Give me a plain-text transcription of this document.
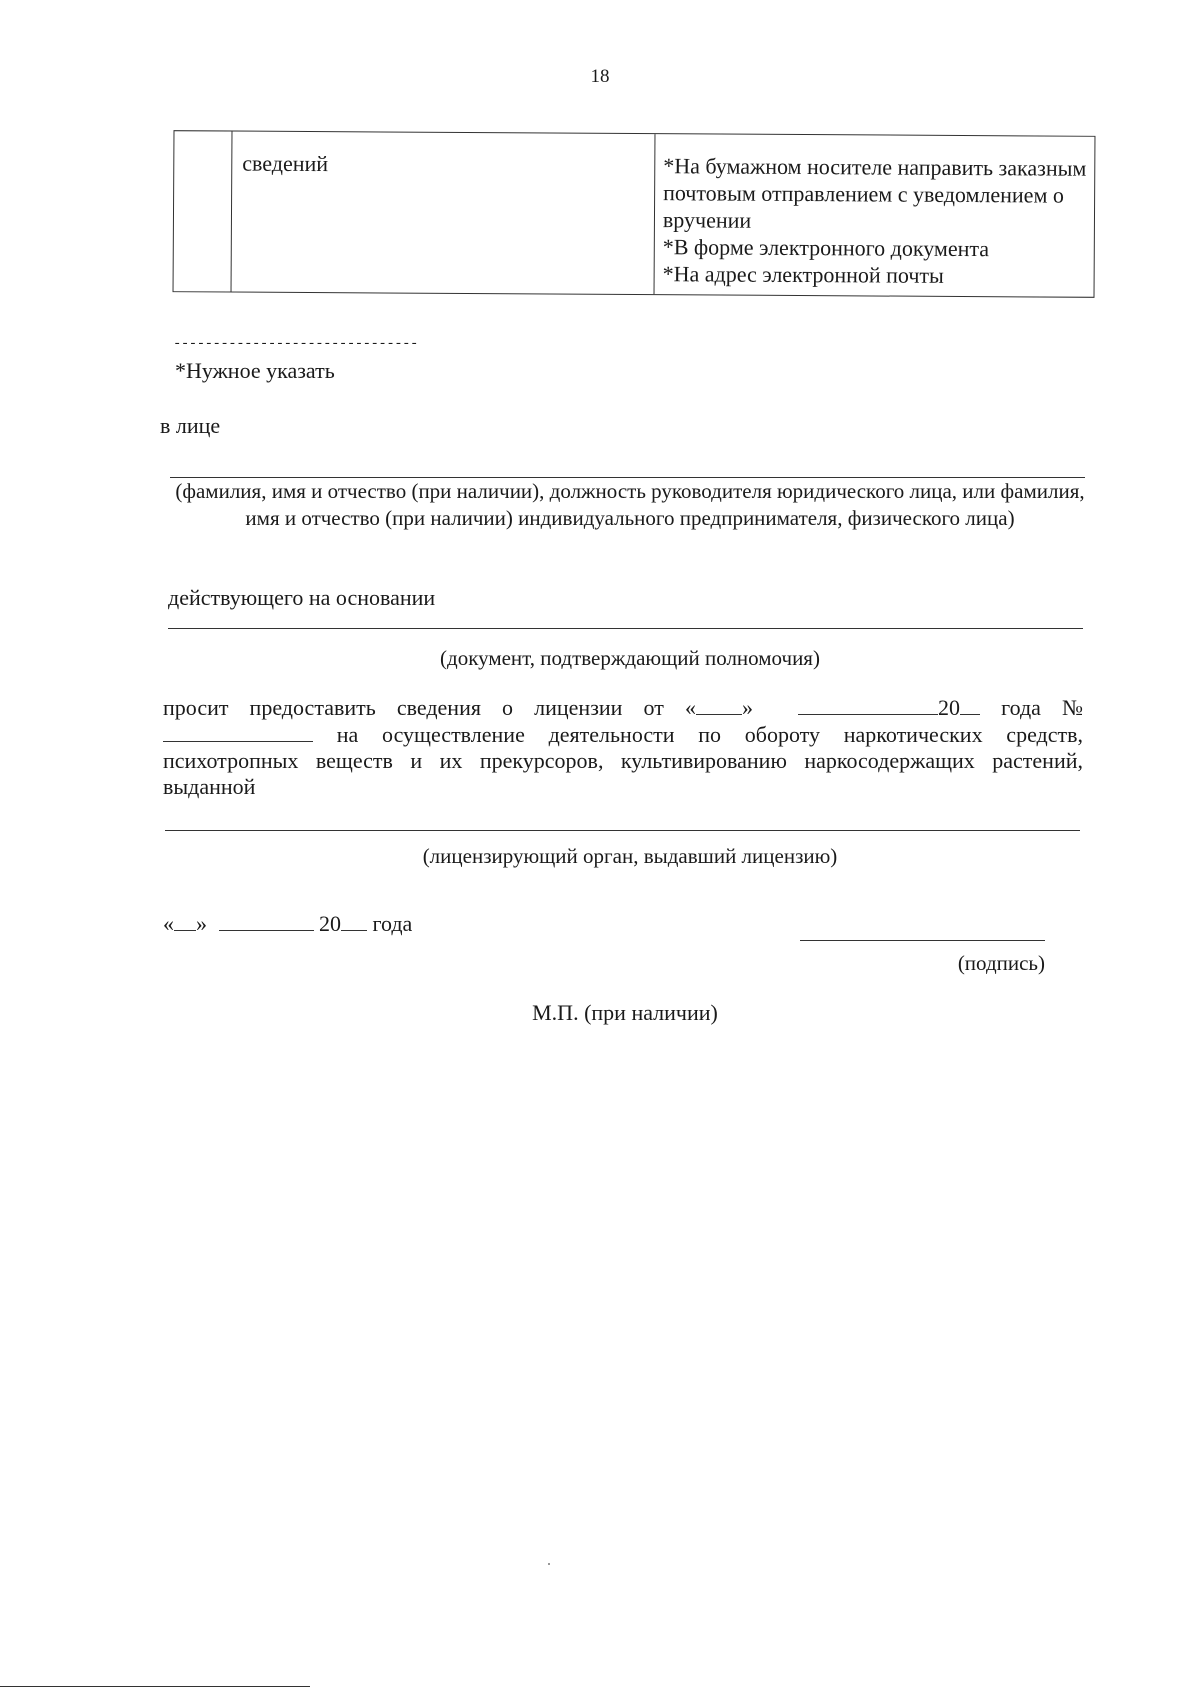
18
сведений	*На бумажном носителе направить заказным почтовым отправлением с уведомлением о вручении
*В форме электронного документа
*На адрес электронной почты
-------------------------------
*Нужное указать
в лице
(фамилия, имя и отчество (при наличии), должность руководителя юридического лица, или фамилия, имя и отчество (при наличии) индивидуального предпринимателя, физического лица)
действующего на основании
(документ, подтверждающий полномочия)
просит предоставить сведения о лицензии от « »	20 года № на осуществление деятельности по обороту наркотических средств, психотропных веществ и их прекурсоров, культивированию наркосодержащих растений, выданной
(лицензирующий орган, выдавший лицензию)
« »	20 года
(подпись)
М.П. (при наличии)
